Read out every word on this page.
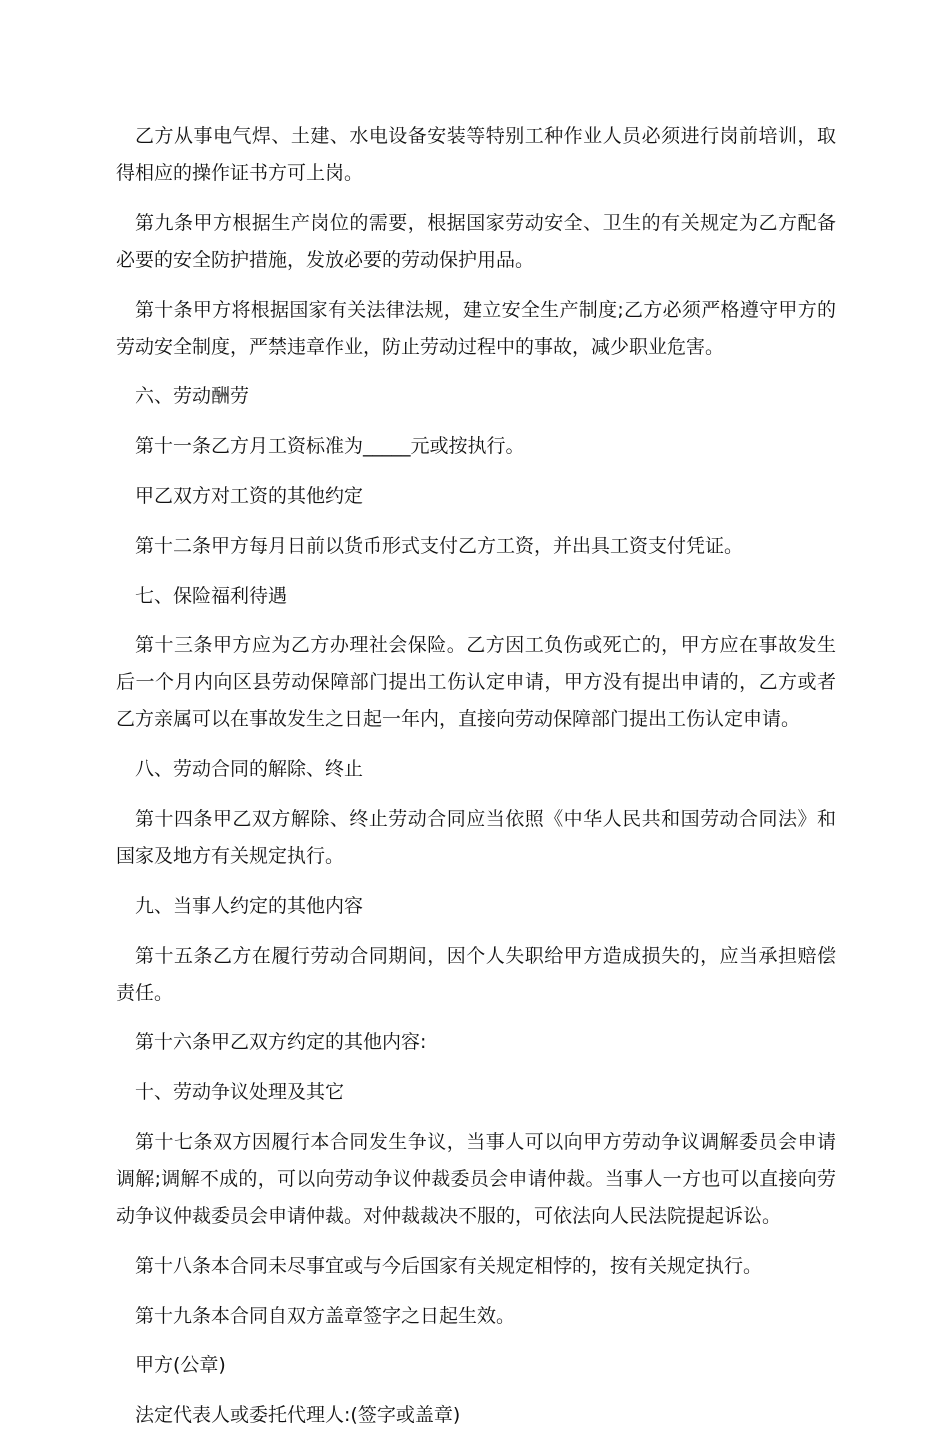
乙方从事电气焊、土建、水电设备安装等特别工种作业人员必须进行岗前培训，取得相应的操作证书方可上岗。

第九条甲方根据生产岗位的需要，根据国家劳动安全、卫生的有关规定为乙方配备必要的安全防护措施，发放必要的劳动保护用品。

第十条甲方将根据国家有关法律法规，建立安全生产制度;乙方必须严格遵守甲方的劳动安全制度，严禁违章作业，防止劳动过程中的事故，减少职业危害。

六、劳动酬劳

第十一条乙方月工资标准为_____元或按执行。

甲乙双方对工资的其他约定

第十二条甲方每月日前以货币形式支付乙方工资，并出具工资支付凭证。

七、保险福利待遇

第十三条甲方应为乙方办理社会保险。乙方因工负伤或死亡的，甲方应在事故发生后一个月内向区县劳动保障部门提出工伤认定申请，甲方没有提出申请的，乙方或者乙方亲属可以在事故发生之日起一年内，直接向劳动保障部门提出工伤认定申请。

八、劳动合同的解除、终止

第十四条甲乙双方解除、终止劳动合同应当依照《中华人民共和国劳动合同法》和国家及地方有关规定执行。

九、当事人约定的其他内容

第十五条乙方在履行劳动合同期间，因个人失职给甲方造成损失的，应当承担赔偿责任。

第十六条甲乙双方约定的其他内容:

十、劳动争议处理及其它

第十七条双方因履行本合同发生争议，当事人可以向甲方劳动争议调解委员会申请调解;调解不成的，可以向劳动争议仲裁委员会申请仲裁。当事人一方也可以直接向劳动争议仲裁委员会申请仲裁。对仲裁裁决不服的，可依法向人民法院提起诉讼。

第十八条本合同未尽事宜或与今后国家有关规定相悖的，按有关规定执行。

第十九条本合同自双方盖章签字之日起生效。

甲方(公章)

法定代表人或委托代理人:(签字或盖章)
